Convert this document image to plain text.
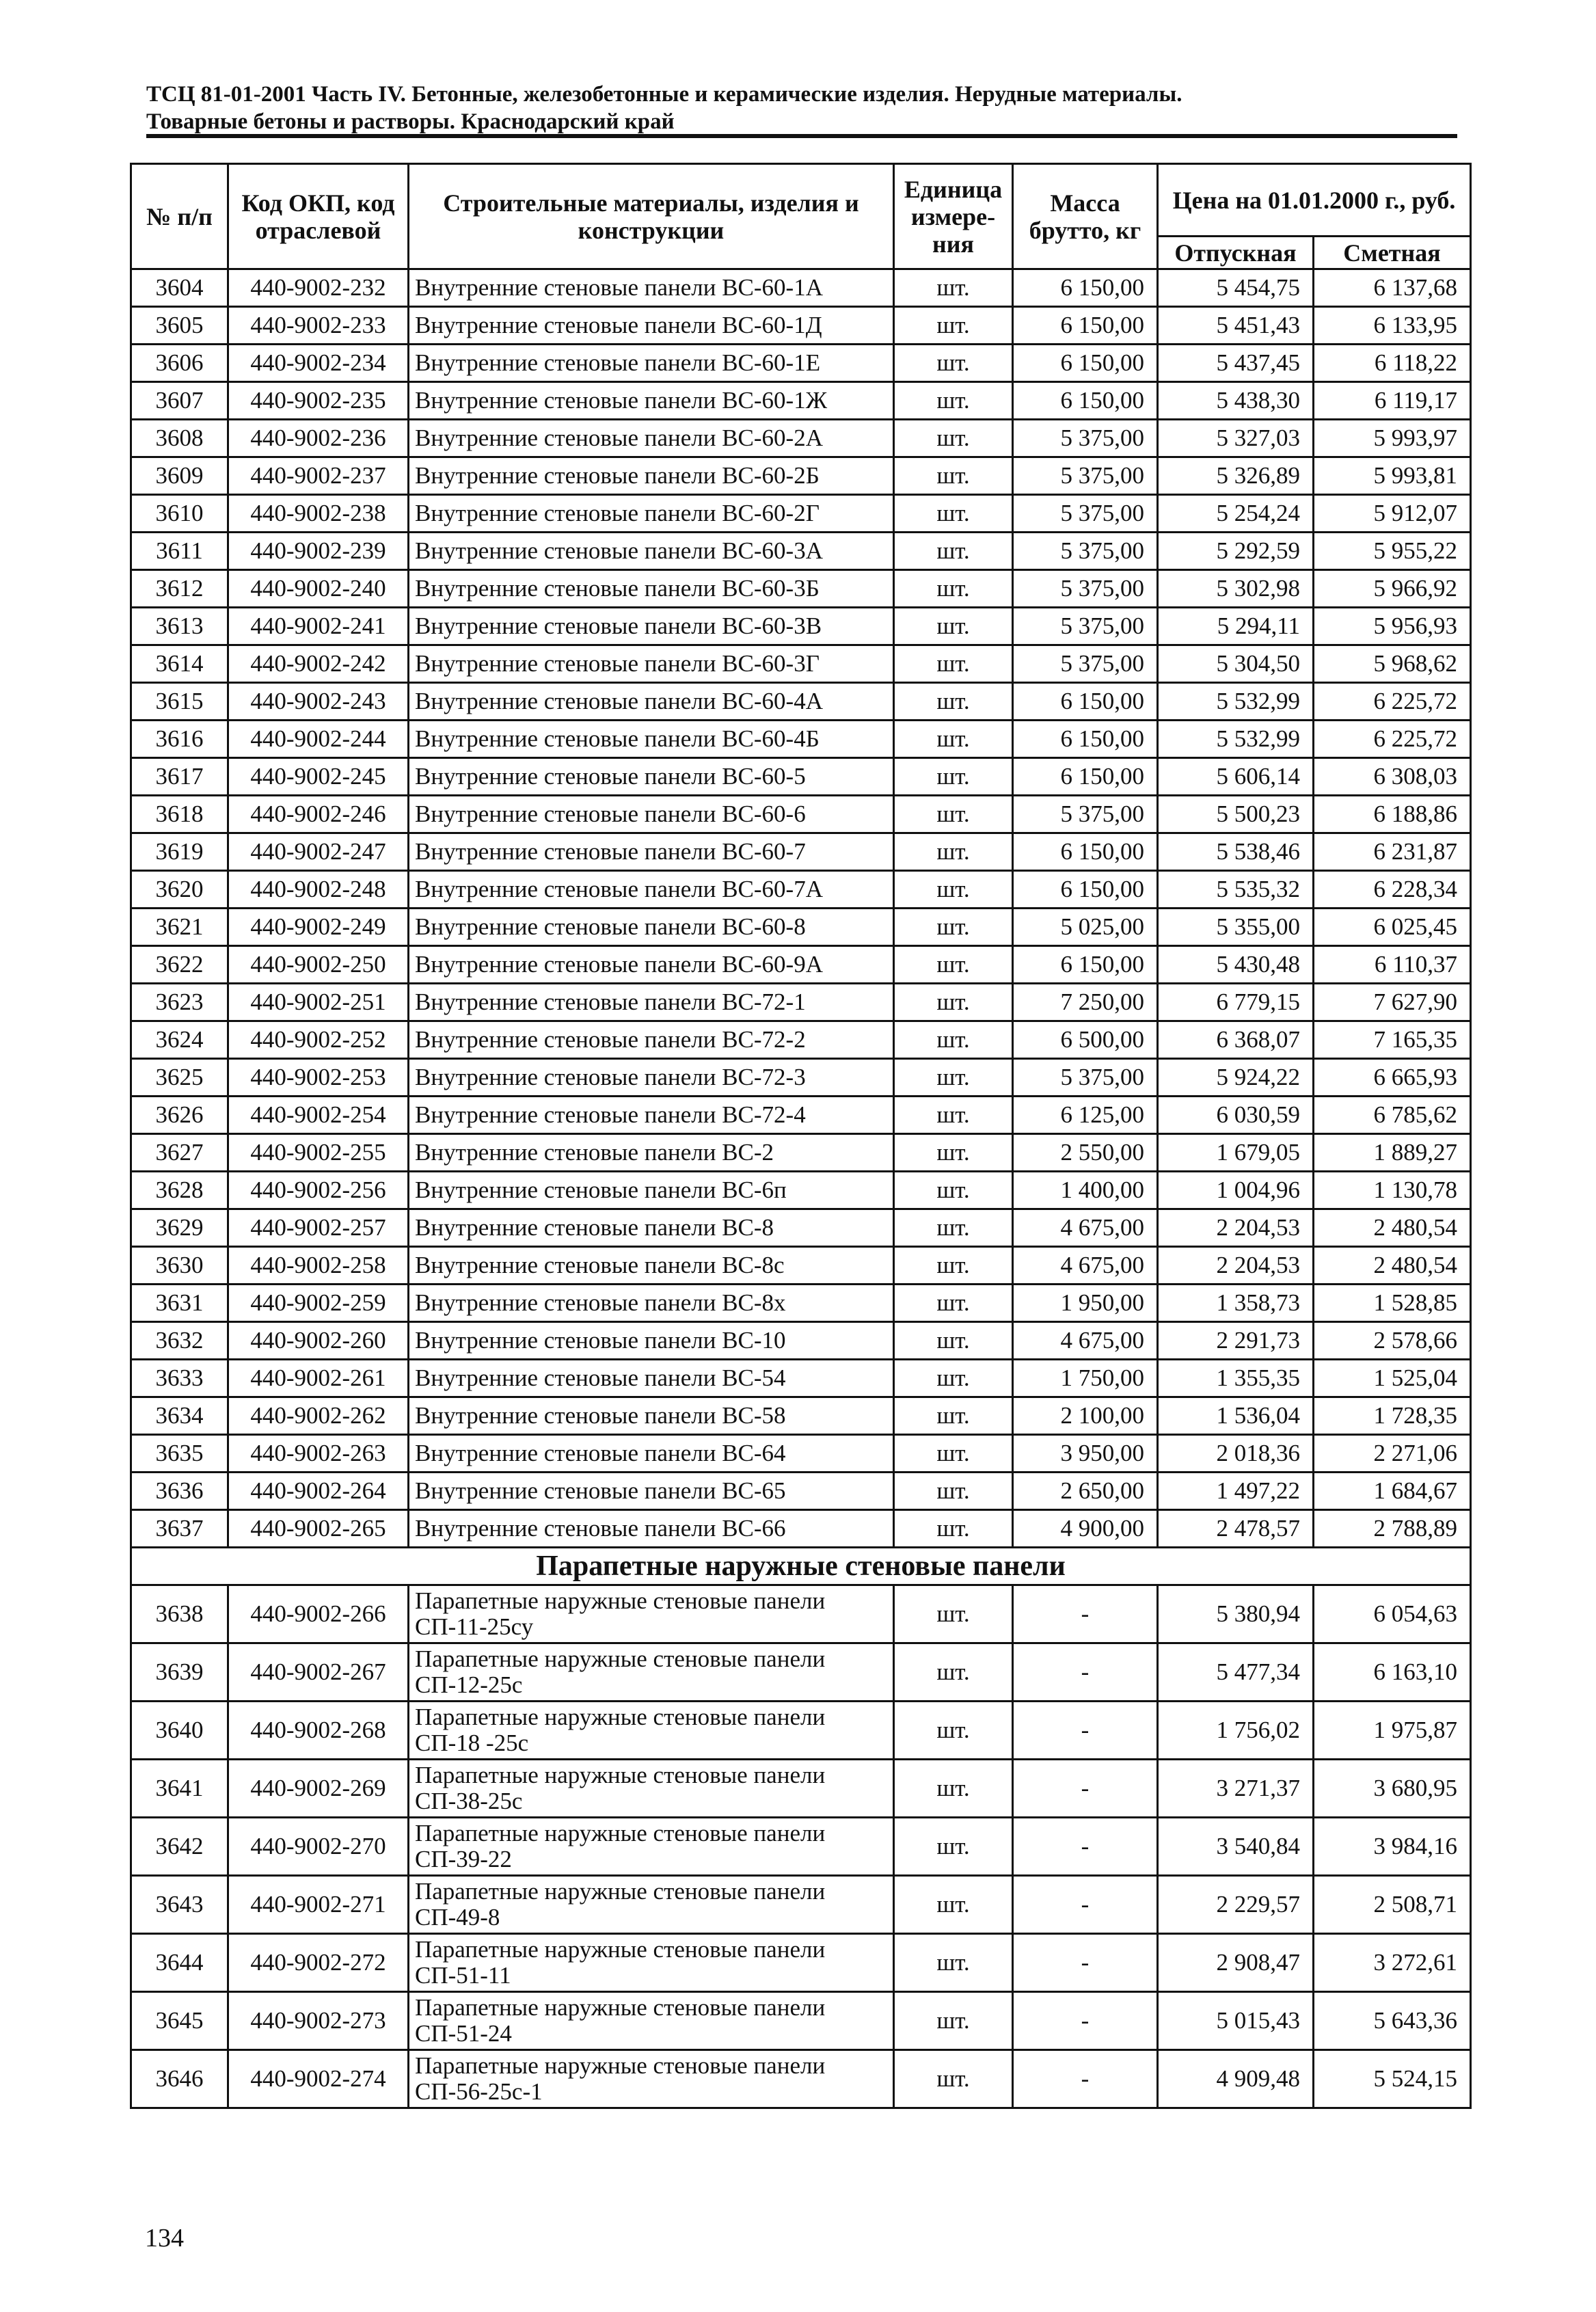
ТСЦ 81-01-2001 Часть IV. Бетонные, железобетонные и керамические изделия. Нерудные материалы.
Товарные бетоны и растворы. Краснодарский край
№ п/п	Код ОКП, код отраслевой	Строительные материалы, изделия и конструкции	Единица измере-ния	Масса брутто, кг	Цена на 01.01.2000 г., руб.	
					Отпускная	Сметная
3604	440-9002-232	Внутренние стеновые панели ВС-60-1А	шт.	6 150,00	5 454,75	6 137,68
3605	440-9002-233	Внутренние стеновые панели ВС-60-1Д	шт.	6 150,00	5 451,43	6 133,95
3606	440-9002-234	Внутренние стеновые панели ВС-60-1Е	шт.	6 150,00	5 437,45	6 118,22
3607	440-9002-235	Внутренние стеновые панели ВС-60-1Ж	шт.	6 150,00	5 438,30	6 119,17
3608	440-9002-236	Внутренние стеновые панели ВС-60-2А	шт.	5 375,00	5 327,03	5 993,97
3609	440-9002-237	Внутренние стеновые панели ВС-60-2Б	шт.	5 375,00	5 326,89	5 993,81
3610	440-9002-238	Внутренние стеновые панели ВС-60-2Г	шт.	5 375,00	5 254,24	5 912,07
3611	440-9002-239	Внутренние стеновые панели ВС-60-3А	шт.	5 375,00	5 292,59	5 955,22
3612	440-9002-240	Внутренние стеновые панели ВС-60-3Б	шт.	5 375,00	5 302,98	5 966,92
3613	440-9002-241	Внутренние стеновые панели ВС-60-3В	шт.	5 375,00	5 294,11	5 956,93
3614	440-9002-242	Внутренние стеновые панели ВС-60-3Г	шт.	5 375,00	5 304,50	5 968,62
3615	440-9002-243	Внутренние стеновые панели ВС-60-4А	шт.	6 150,00	5 532,99	6 225,72
3616	440-9002-244	Внутренние стеновые панели ВС-60-4Б	шт.	6 150,00	5 532,99	6 225,72
3617	440-9002-245	Внутренние стеновые панели ВС-60-5	шт.	6 150,00	5 606,14	6 308,03
3618	440-9002-246	Внутренние стеновые панели ВС-60-6	шт.	5 375,00	5 500,23	6 188,86
3619	440-9002-247	Внутренние стеновые панели ВС-60-7	шт.	6 150,00	5 538,46	6 231,87
3620	440-9002-248	Внутренние стеновые панели ВС-60-7А	шт.	6 150,00	5 535,32	6 228,34
3621	440-9002-249	Внутренние стеновые панели ВС-60-8	шт.	5 025,00	5 355,00	6 025,45
3622	440-9002-250	Внутренние стеновые панели ВС-60-9А	шт.	6 150,00	5 430,48	6 110,37
3623	440-9002-251	Внутренние стеновые панели ВС-72-1	шт.	7 250,00	6 779,15	7 627,90
3624	440-9002-252	Внутренние стеновые панели ВС-72-2	шт.	6 500,00	6 368,07	7 165,35
3625	440-9002-253	Внутренние стеновые панели ВС-72-3	шт.	5 375,00	5 924,22	6 665,93
3626	440-9002-254	Внутренние стеновые панели ВС-72-4	шт.	6 125,00	6 030,59	6 785,62
3627	440-9002-255	Внутренние стеновые панели ВС-2	шт.	2 550,00	1 679,05	1 889,27
3628	440-9002-256	Внутренние стеновые панели ВС-6п	шт.	1 400,00	1 004,96	1 130,78
3629	440-9002-257	Внутренние стеновые панели ВС-8	шт.	4 675,00	2 204,53	2 480,54
3630	440-9002-258	Внутренние стеновые панели ВС-8с	шт.	4 675,00	2 204,53	2 480,54
3631	440-9002-259	Внутренние стеновые панели ВС-8х	шт.	1 950,00	1 358,73	1 528,85
3632	440-9002-260	Внутренние стеновые панели ВС-10	шт.	4 675,00	2 291,73	2 578,66
3633	440-9002-261	Внутренние стеновые панели ВС-54	шт.	1 750,00	1 355,35	1 525,04
3634	440-9002-262	Внутренние стеновые панели ВС-58	шт.	2 100,00	1 536,04	1 728,35
3635	440-9002-263	Внутренние стеновые панели ВС-64	шт.	3 950,00	2 018,36	2 271,06
3636	440-9002-264	Внутренние стеновые панели ВС-65	шт.	2 650,00	1 497,22	1 684,67
3637	440-9002-265	Внутренние стеновые панели ВС-66	шт.	4 900,00	2 478,57	2 788,89
Парапетные наружные стеновые панели						
3638	440-9002-266	Парапетные наружные стеновые панели СП-11-25су	шт.	-	5 380,94	6 054,63
3639	440-9002-267	Парапетные наружные стеновые панели СП-12-25с	шт.	-	5 477,34	6 163,10
3640	440-9002-268	Парапетные наружные стеновые панели СП-18 -25с	шт.	-	1 756,02	1 975,87
3641	440-9002-269	Парапетные наружные стеновые панели СП-38-25с	шт.	-	3 271,37	3 680,95
3642	440-9002-270	Парапетные наружные стеновые панели СП-39-22	шт.	-	3 540,84	3 984,16
3643	440-9002-271	Парапетные наружные стеновые панели СП-49-8	шт.	-	2 229,57	2 508,71
3644	440-9002-272	Парапетные наружные стеновые панели СП-51-11	шт.	-	2 908,47	3 272,61
3645	440-9002-273	Парапетные наружные стеновые панели СП-51-24	шт.	-	5 015,43	5 643,36
3646	440-9002-274	Парапетные наружные стеновые панели СП-56-25с-1	шт.	-	4 909,48	5 524,15
134
